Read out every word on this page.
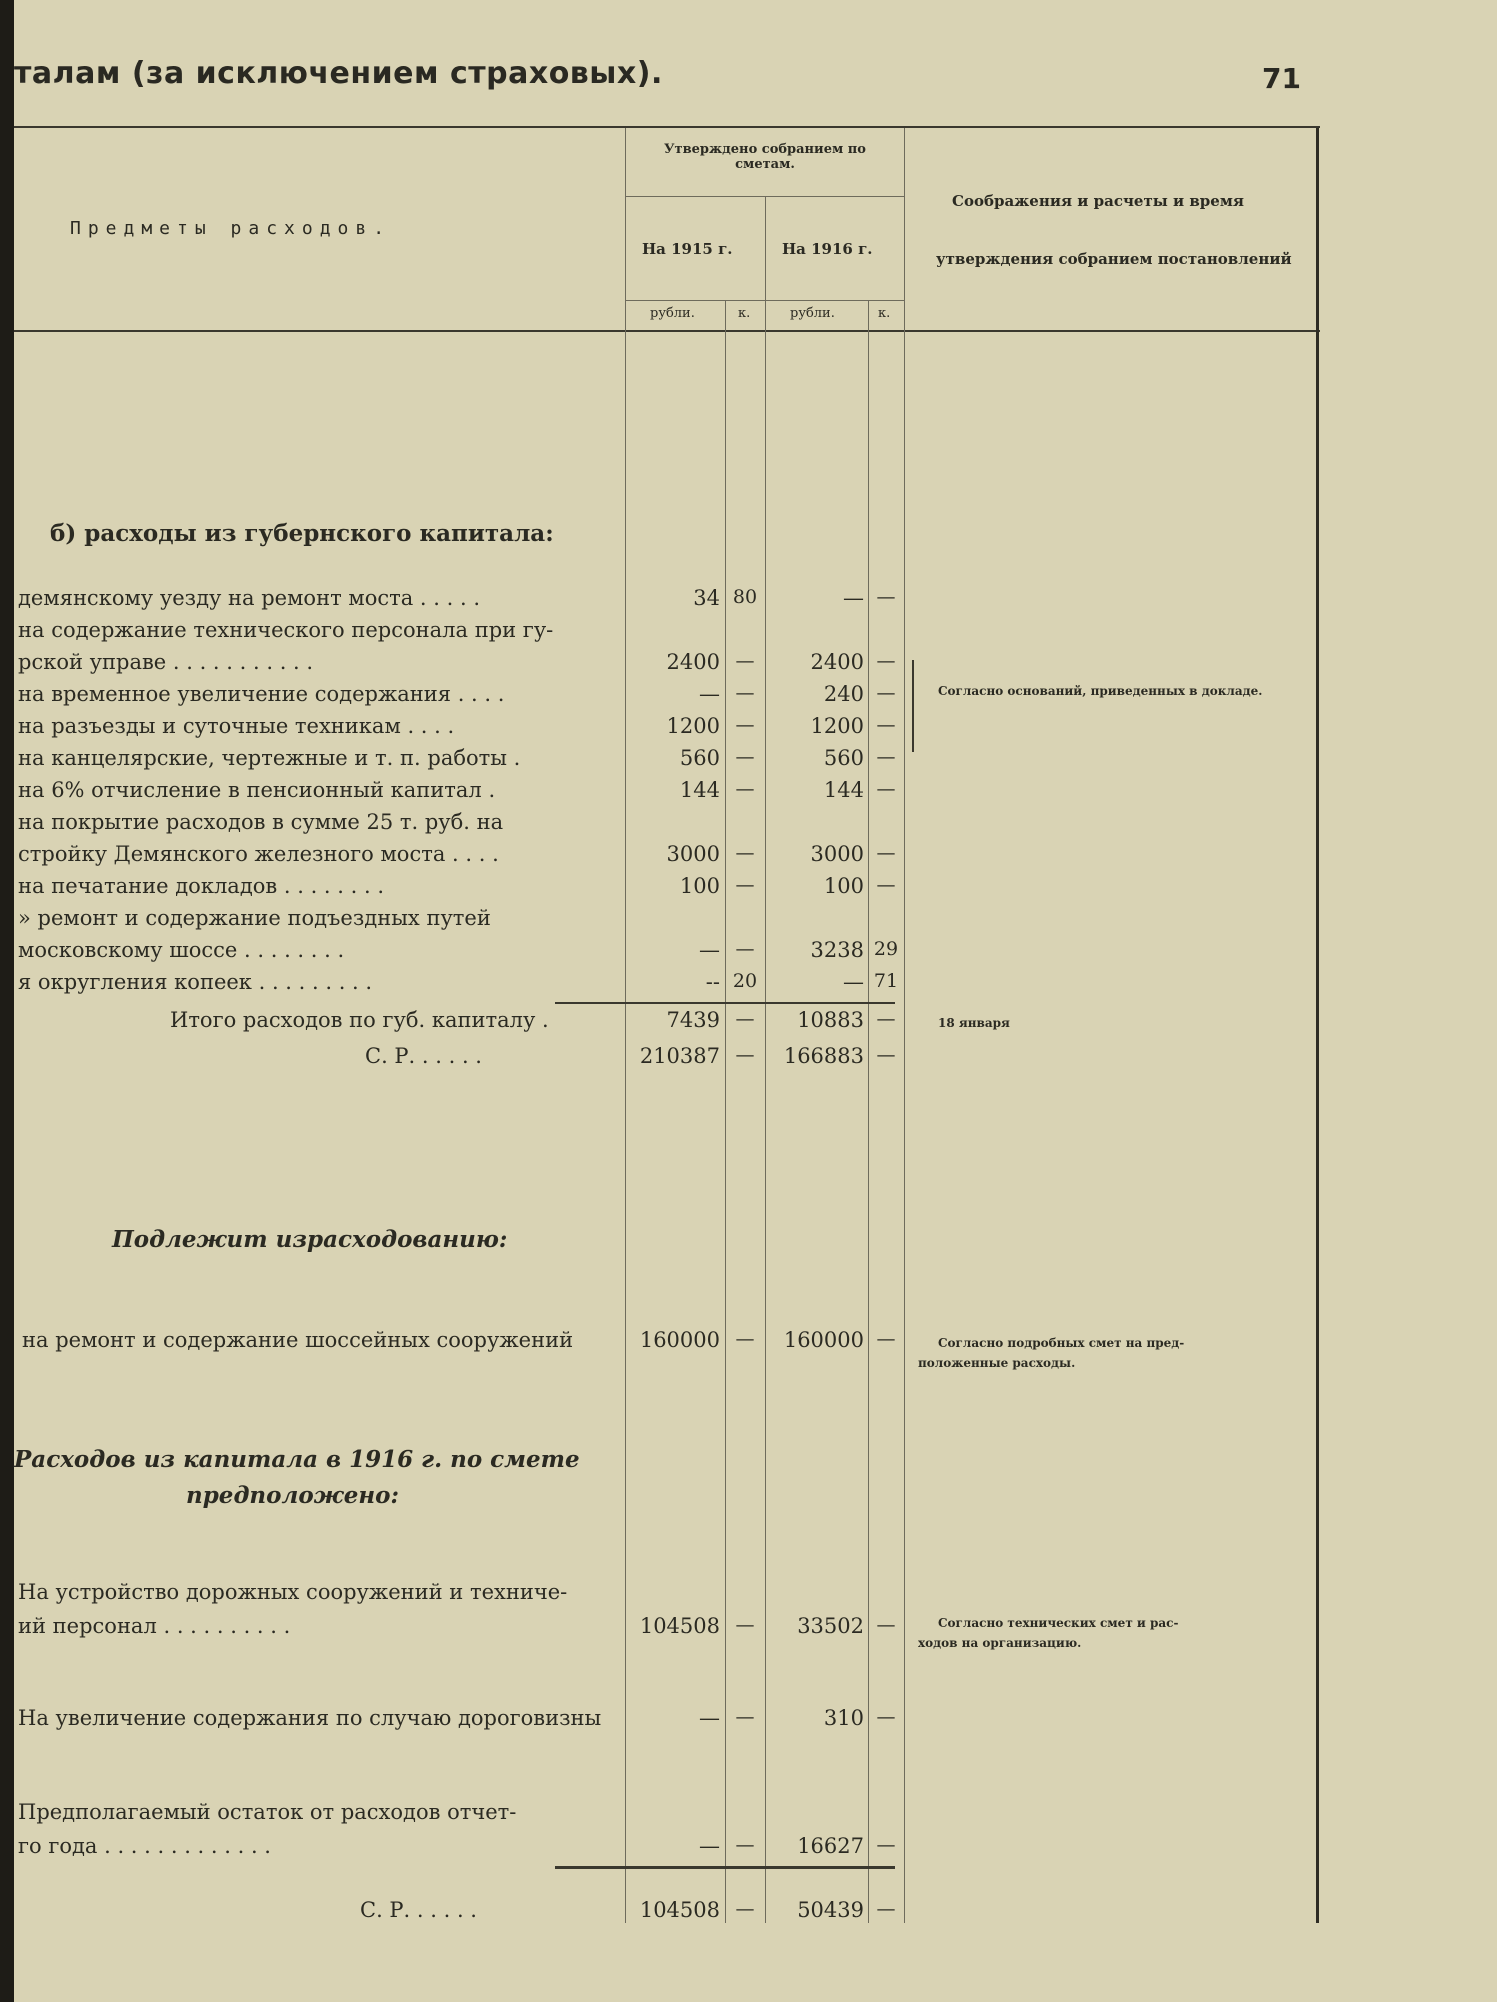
талам (за исключением страховых).	71
Предметы расходов.
Утверждено собранием по сметам.
На 1915 г.	На 1916 г.
рубли.	к.	рубли.	к.
Соображения и расчеты и время
утверждения собранием постановлений
б) расходы из губернского капитала:
демянскому уезду на ремонт моста . . . . .	34 80	— —
на содержание технического персонала при гу-
рской управе . . . . . . . . . . .	2400 —	2400 —
на временное увеличение содержания . . . .	— —	240 —
на разъезды и суточные техникам . . . .	1200 —	1200 —
на канцелярские, чертежные и т. п. работы .	560 —	560 —
на 6% отчисление в пенсионный капитал .	144 —	144 —
на покрытие расходов в сумме 25 т. руб. на
стройку Демянского железного моста . . . .	3000 —	3000 —
на печатание докладов . . . . . . . .	100 —	100 —
» ремонт и содержание подъездных путей
московскому шоссе . . . . . . . .	— —	3238 29
я округления копеек . . . . . . . . .	-- 20	— 71
Согласно оснований, приведенных в докладе.
Итого расходов по губ. капиталу .	7439 —	10883 —	18 января
С. Р. . . . . .	210387 —	166883 —
Подлежит израсходованию:
на ремонт и содержание шоссейных сооружений	160000 —	160000 —	Согласно подробных смет на пред-
положенные расходы.
Расходов из капитала в 1916 г. по смете
предположено:
На устройство дорожных сооружений и техниче-
ий персонал . . . . . . . . . .	104508 —	33502 —	Согласно технических смет и рас-
ходов на организацию.
На увеличение содержания по случаю дороговизны	— —	310 —
Предполагаемый остаток от расходов отчет-
го года . . . . . . . . . . . . .	— —	16627 —
С. Р. . . . . .	104508 —	50439 —
